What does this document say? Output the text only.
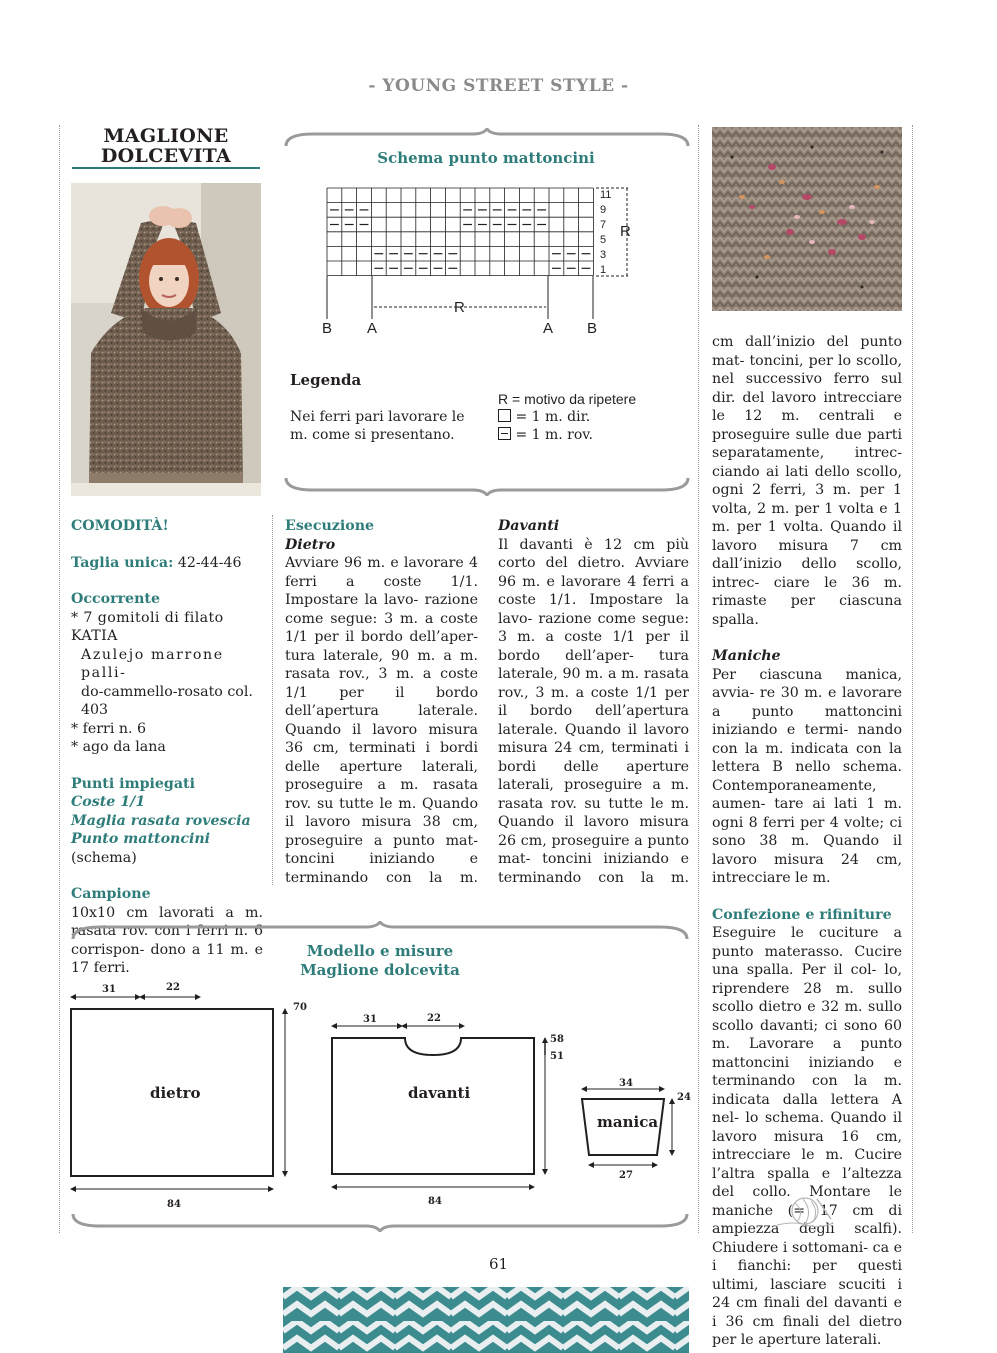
- YOUNG STREET STYLE -
MAGLIONE
DOLCEVITA	Schema punto mattoncini
11
9
7
5
3
1
R
R
B A	A B
Legenda
Nei ferri pari lavorare le m. come si presentano.
R = motivo da ripetere
= 1 m. dir.
= 1 m. rov.

COMODITÀ!

Taglia unica: 42-44-46

Occorrente

* 7 gomitoli di filato KATIA

Azulejo marrone palli-

do-cammello-rosato col. 403

* ferri n. 6

* ago da lana

Punti impiegati

Coste 1/1

Maglia rasata rovescia

Punto mattoncini (schema)

Campione

10x10 cm lavorati a m. rasata rov. con i ferri n. 6 corrispon- dono a 11 m. e 17 ferri.

Esecuzione

Dietro

Avviare 96 m. e lavorare 4 ferri a coste 1/1. Impostare la lavo- razione come segue: 3 m. a coste 1/1 per il bordo dell’aper- tura laterale, 90 m. a m. rasata rov., 3 m. a coste 1/1 per il bordo dell’apertura laterale. Quando il lavoro misura 36 cm, terminati i bordi delle aperture laterali, proseguire a m. rasata rov. su tutte le m. Quando il lavoro misura 38 cm, proseguire a punto mat- toncini iniziando e terminando con la m.

Davanti

Il davanti è 12 cm più corto del dietro. Avviare 96 m. e lavorare 4 ferri a coste 1/1. Impostare la lavo- razione come segue: 3 m. a coste 1/1 per il bordo dell’aper- tura laterale, 90 m. a m. rasata rov., 3 m. a coste 1/1 per il bordo dell’apertura laterale. Quando il lavoro misura 24 cm, terminati i bordi delle aperture laterali, proseguire a m. rasata rov. su tutte le m. Quando il lavoro misura 26 cm, proseguire a punto mat- toncini iniziando e terminando con la m.

cm dall’inizio del punto mat- toncini, per lo scollo, nel successivo ferro sul dir. del lavoro intrecciare le 12 m. centrali e proseguire sulle due parti separatamente, intrec- ciando ai lati dello scollo, ogni 2 ferri, 3 m. per 1 volta, 2 m. per 1 volta e 1 m. per 1 volta. Quando il lavoro misura 7 cm dall’inizio dello scollo, intrec- ciare le 36 m. rimaste per ciascuna spalla.

Maniche

Per ciascuna manica, avvia- re 30 m. e lavorare a punto mattoncini iniziando e termi- nando con la m. indicata con la lettera B nello schema. Contemporaneamente, aumen- tare ai lati 1 m. ogni 8 ferri per 4 volte; ci sono 38 m. Quando il lavoro misura 24 cm, intrecciare le m.

Confezione e rifiniture

Eseguire le cuciture a punto materasso. Cucire una spalla. Per il col- lo, riprendere 28 m. sullo scollo dietro e 32 m. sullo scollo davanti; ci sono 60 m. Lavorare a punto mattoncini iniziando e terminando con la m. indicata dalla lettera A nel- lo schema. Quando il lavoro misura 16 cm, intrecciare le m. Cucire l’altra spalla e l’altezza del collo. Montare le maniche (= 17 cm di ampiezza degli scalfi). Chiudere i sottomani- ca e i fianchi: per questi ultimi, lasciare scuciti i 24 cm finali del davanti e i 36 cm finali del dietro per le aperture laterali.

Modello e misure
Maglione dolcevita
31	22
70
84
dietro
31	22
58
51
84
davanti
34
24
27
manica
61
